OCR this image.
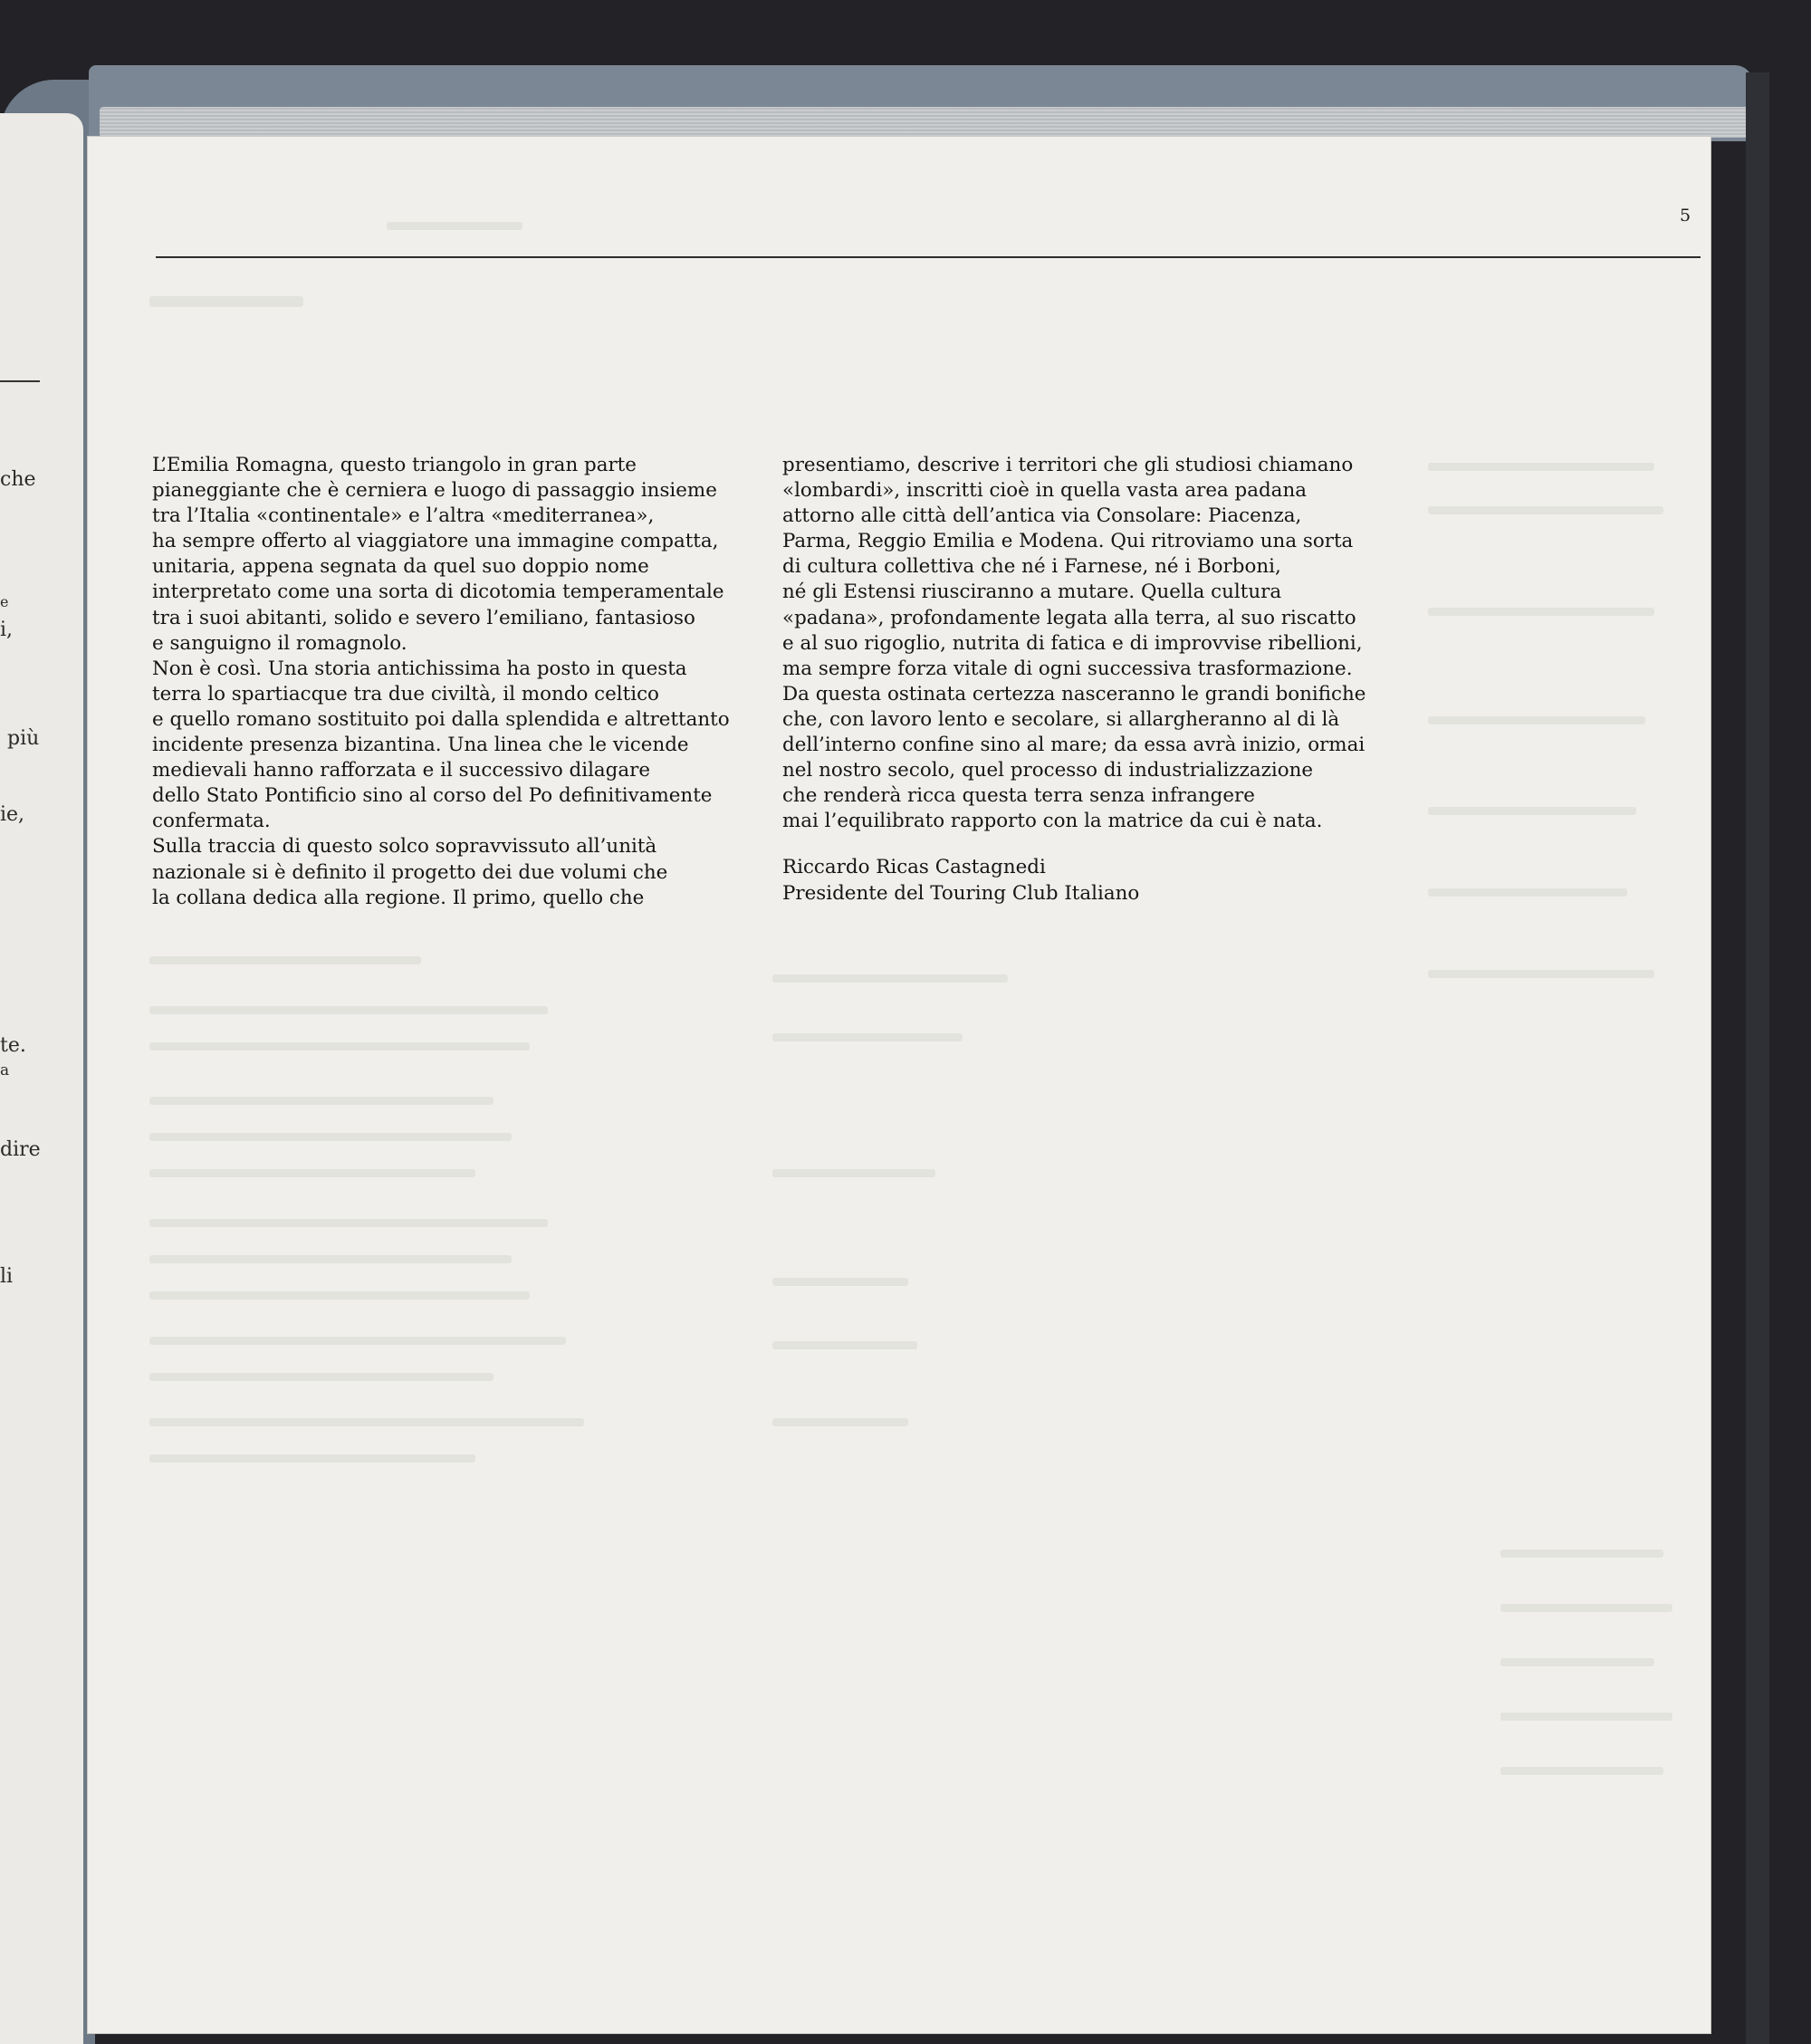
che
e
i,
più
ie,
te.
a
dire
li
5
L’Emilia Romagna, questo triangolo in gran parte
pianeggiante che è cerniera e luogo di passaggio insieme
tra l’Italia «continentale» e l’altra «mediterranea»,
ha sempre offerto al viaggiatore una immagine compatta,
unitaria, appena segnata da quel suo doppio nome
interpretato come una sorta di dicotomia temperamentale
tra i suoi abitanti, solido e severo l’emiliano, fantasioso
e sanguigno il romagnolo.
Non è così. Una storia antichissima ha posto in questa
terra lo spartiacque tra due civiltà, il mondo celtico
e quello romano sostituito poi dalla splendida e altrettanto
incidente presenza bizantina. Una linea che le vicende
medievali hanno rafforzata e il successivo dilagare
dello Stato Pontificio sino al corso del Po definitivamente
confermata.
Sulla traccia di questo solco sopravvissuto all’unità
nazionale si è definito il progetto dei due volumi che
la collana dedica alla regione. Il primo, quello che
presentiamo, descrive i territori che gli studiosi chiamano
«lombardi», inscritti cioè in quella vasta area padana
attorno alle città dell’antica via Consolare: Piacenza,
Parma, Reggio Emilia e Modena. Qui ritroviamo una sorta
di cultura collettiva che né i Farnese, né i Borboni,
né gli Estensi riusciranno a mutare. Quella cultura
«padana», profondamente legata alla terra, al suo riscatto
e al suo rigoglio, nutrita di fatica e di improvvise ribellioni,
ma sempre forza vitale di ogni successiva trasformazione.
Da questa ostinata certezza nasceranno le grandi bonifiche
che, con lavoro lento e secolare, si allargheranno al di là
dell’interno confine sino al mare; da essa avrà inizio, ormai
nel nostro secolo, quel processo di industrializzazione
che renderà ricca questa terra senza infrangere
mai l’equilibrato rapporto con la matrice da cui è nata.
Riccardo Ricas Castagnedi
Presidente del Touring Club Italiano
